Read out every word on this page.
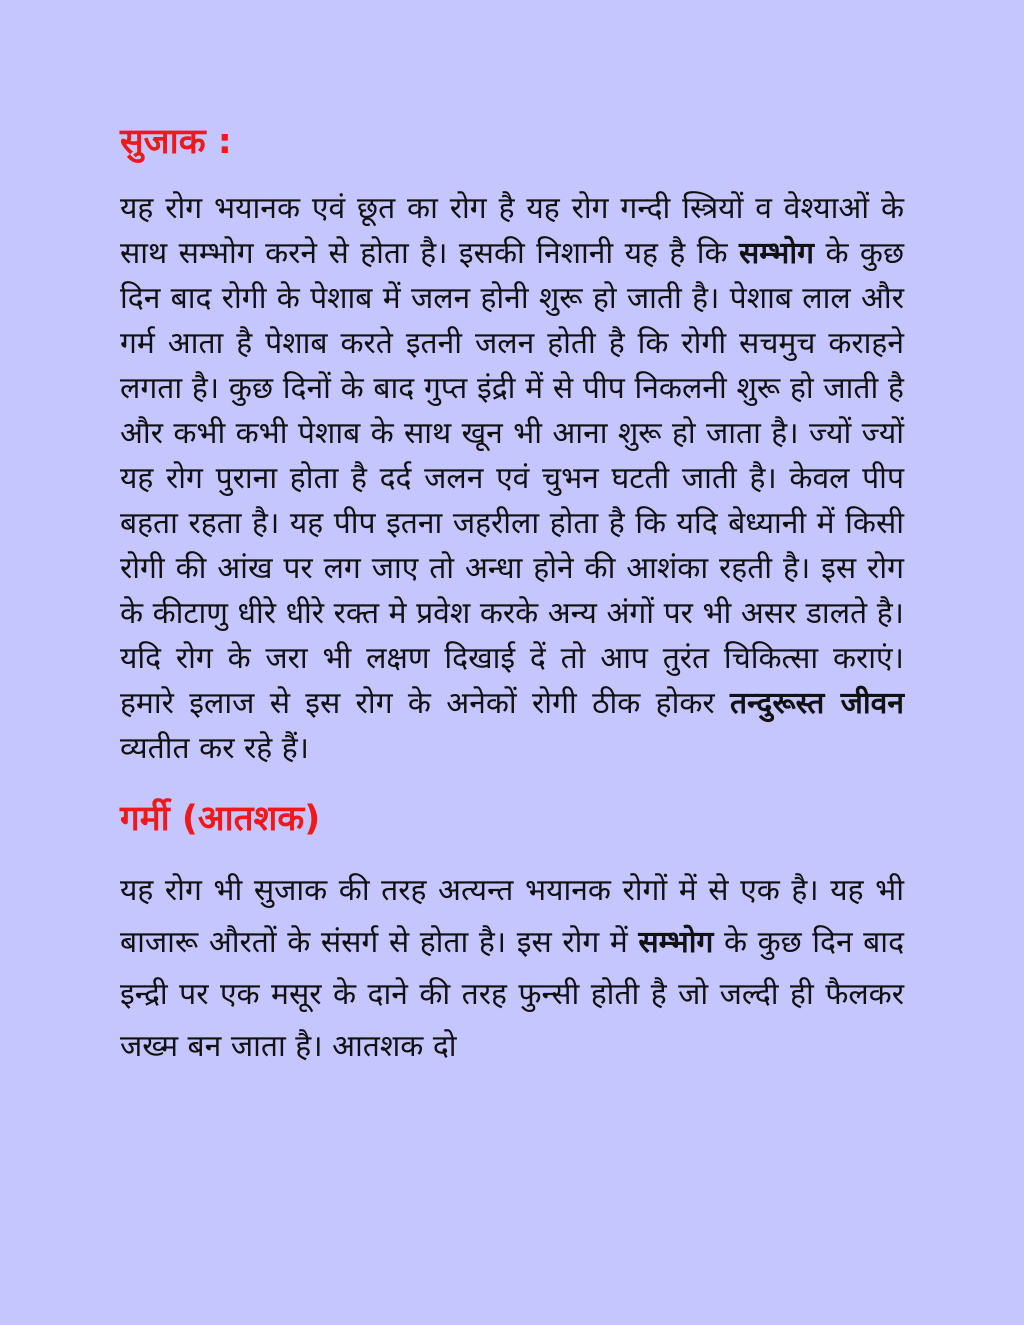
सुजाक :

यह रोग भयानक एवं छूत का रोग है यह रोग गन्दी स्त्रियों व वेश्याओं के साथ सम्भोग करने से होता है। इसकी निशानी यह है कि सम्भोग के कुछ दिन बाद रोगी के पेशाब में जलन होनी शुरू हो जाती है। पेशाब लाल और गर्म आता है पेशाब करते इतनी जलन होती है कि रोगी सचमुच कराहने लगता है। कुछ दिनों के बाद गुप्त इंद्री में से पीप निकलनी शुरू हो जाती है और कभी कभी पेशाब के साथ खून भी आना शुरू हो जाता है। ज्यों ज्यों यह रोग पुराना होता है दर्द जलन एवं चुभन घटती जाती है। केवल पीप बहता रहता है। यह पीप इतना जहरीला होता है कि यदि बेध्यानी में किसी रोगी की आंख पर लग जाए तो अन्धा होने की आशंका रहती है। इस रोग के कीटाणु धीरे धीरे रक्त मे प्रवेश करके अन्य अंगों पर भी असर डालते है। यदि रोग के जरा भी लक्षण दिखाई दें तो आप तुरंत चिकित्सा कराएं। हमारे इलाज से इस रोग के अनेकों रोगी ठीक होकर तन्दुरूस्त जीवन व्यतीत कर रहे हैं।

गर्मी (आतशक)

यह रोग भी सुजाक की तरह अत्यन्त भयानक रोगों में से एक है। यह भी बाजारू औरतों के संसर्ग से होता है। इस रोग में सम्भोग के कुछ दिन बाद इन्द्री पर एक मसूर के दाने की तरह फुन्सी होती है जो जल्दी ही फैलकर जख्म बन जाता है। आतशक दो
